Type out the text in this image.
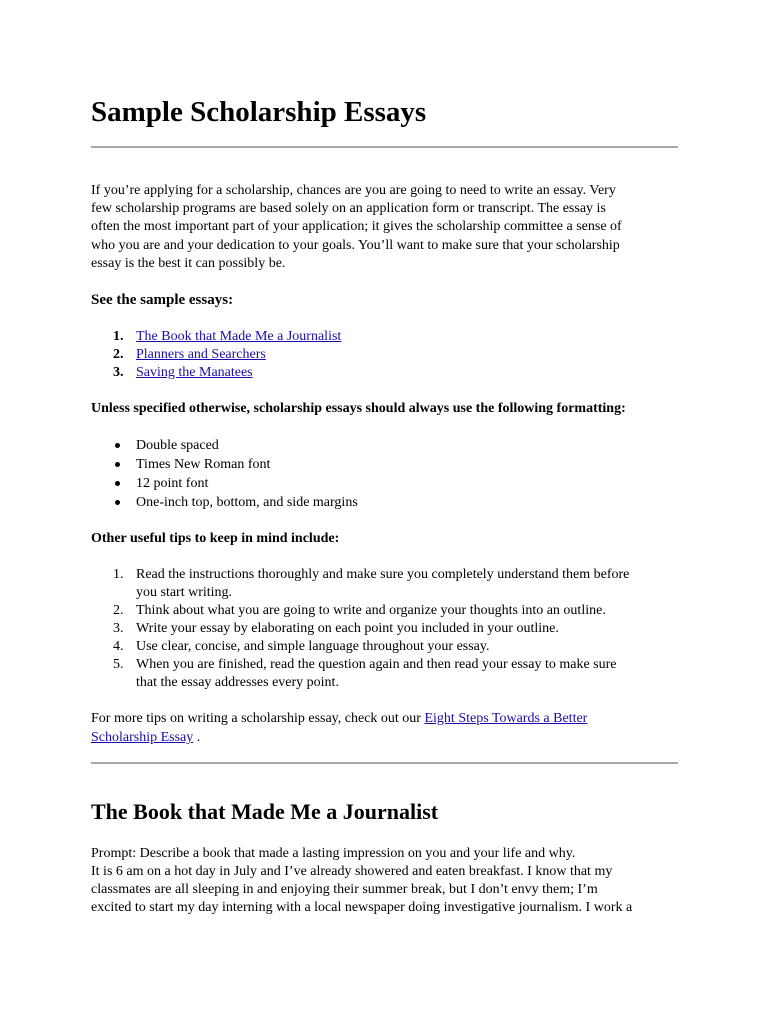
Sample Scholarship Essays
If you’re applying for a scholarship, chances are you are going to need to write an essay. Very
few scholarship programs are based solely on an application form or transcript. The essay is
often the most important part of your application; it gives the scholarship committee a sense of
who you are and your dedication to your goals. You’ll want to make sure that your scholarship
essay is the best it can possibly be.

See the sample essays:

1. The Book that Made Me a Journalist
2. Planners and Searchers
3. Saving the Manatees

Unless specified otherwise, scholarship essays should always use the following formatting:

Double spaced
Times New Roman font
12 point font
One-inch top, bottom, and side margins

Other useful tips to keep in mind include:

1. Read the instructions thoroughly and make sure you completely understand them before
you start writing.
2. Think about what you are going to write and organize your thoughts into an outline.
3. Write your essay by elaborating on each point you included in your outline.
4. Use clear, concise, and simple language throughout your essay.
5. When you are finished, read the question again and then read your essay to make sure
that the essay addresses every point.
For more tips on writing a scholarship essay, check out our Eight Steps Towards a Better
Scholarship Essay .
The Book that Made Me a Journalist
Prompt: Describe a book that made a lasting impression on you and your life and why.
It is 6 am on a hot day in July and I’ve already showered and eaten breakfast. I know that my
classmates are all sleeping in and enjoying their summer break, but I don’t envy them; I’m
excited to start my day interning with a local newspaper doing investigative journalism. I work a
